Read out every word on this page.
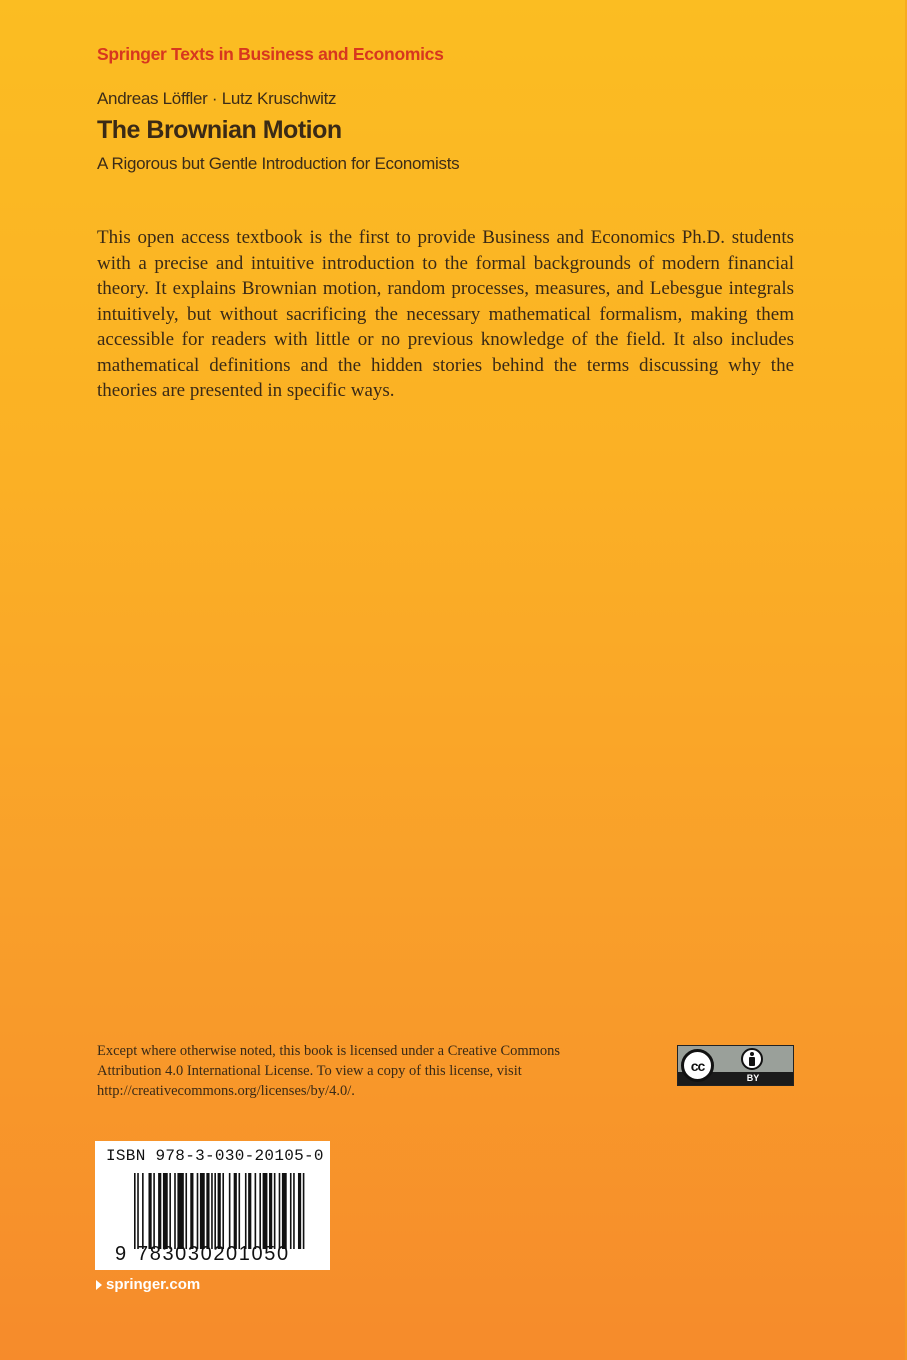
Springer Texts in Business and Economics
Andreas Löffler · Lutz Kruschwitz
The Brownian Motion
A Rigorous but Gentle Introduction for Economists
This open access textbook is the first to provide Business and Economics Ph.D. students with a precise and intuitive introduction to the formal backgrounds of modern financial theory. It explains Brownian motion, random processes, measures, and Lebesgue integrals intuitively, but without sacrificing the necessary mathematical formalism, making them accessible for readers with little or no previous knowledge of the field. It also includes mathematical definitions and the hidden stories behind the terms discussing why the theories are presented in specific ways.
Except where otherwise noted, this book is licensed under a Creative Commons Attribution 4.0 International License. To view a copy of this license, visit http://creativecommons.org/licenses/by/4.0/.
cc
BY
ISBN 978-3-030-20105-0
9 783030201050
springer.com
